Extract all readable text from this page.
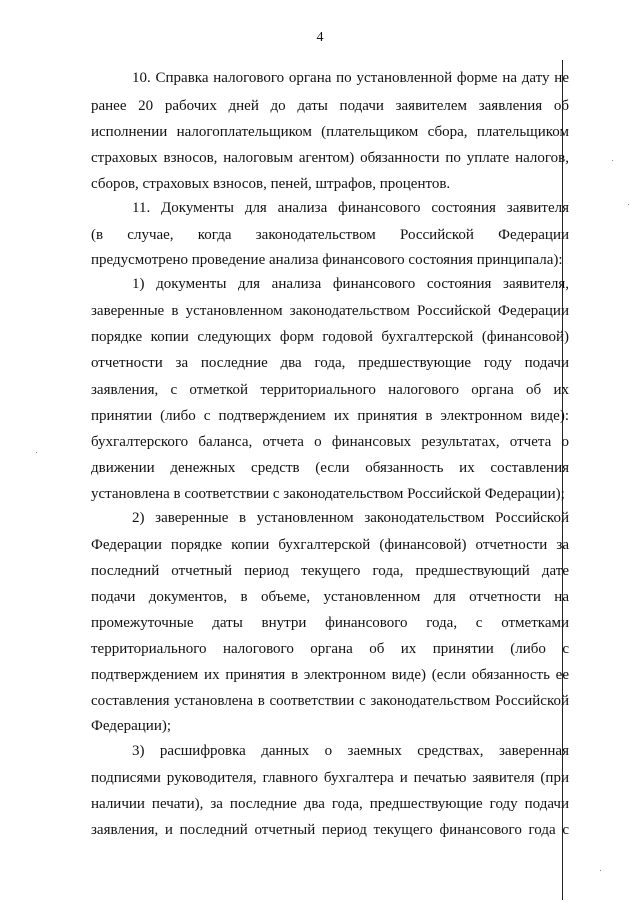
4
10. Справка налогового органа по установленной форме на дату не
ранее 20 рабочих дней до даты подачи заявителем заявления об
исполнении налогоплательщиком (плательщиком сбора, плательщиком
страховых взносов, налоговым агентом) обязанности по уплате налогов,
сборов, страховых взносов, пеней, штрафов, процентов.
11. Документы для анализа финансового состояния заявителя
(в случае, когда законодательством Российской Федерации
предусмотрено проведение анализа финансового состояния принципала):
1) документы для анализа финансового состояния заявителя,
заверенные в установленном законодательством Российской Федерации
порядке копии следующих форм годовой бухгалтерской (финансовой)
отчетности за последние два года, предшествующие году подачи
заявления, с отметкой территориального налогового органа об их
принятии (либо с подтверждением их принятия в электронном виде):
бухгалтерского баланса, отчета о финансовых результатах, отчета о
движении денежных средств (если обязанность их составления
установлена в соответствии с законодательством Российской Федерации);
2) заверенные в установленном законодательством Российской
Федерации порядке копии бухгалтерской (финансовой) отчетности за
последний отчетный период текущего года, предшествующий дате
подачи документов, в объеме, установленном для отчетности на
промежуточные даты внутри финансового года, с отметками
территориального налогового органа об их принятии (либо с
подтверждением их принятия в электронном виде) (если обязанность ее
составления установлена в соответствии с законодательством Российской
Федерации);
3) расшифровка данных о заемных средствах, заверенная
подписями руководителя, главного бухгалтера и печатью заявителя (при
наличии печати), за последние два года, предшествующие году подачи
заявления, и последний отчетный период текущего финансового года с
